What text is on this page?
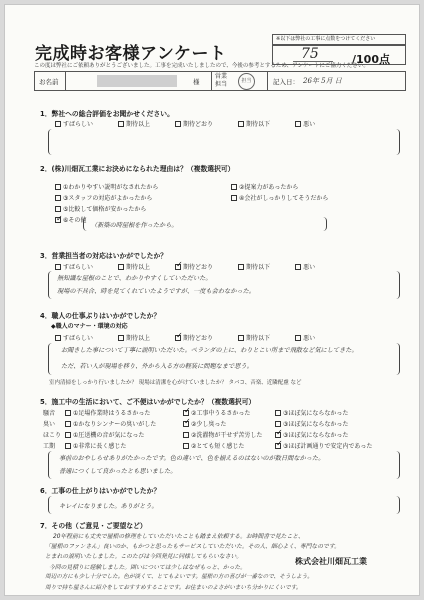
完成時お客様アンケート
この度は弊社にご依頼ありがとうございました。工事を完成いたしましたので、今後の参考とするため、アンケートにご協力ください。
※以下は弊社の工事に点数をつけてください
75	/100点
お名前	様
営業担当	担当	記入日： 26年 5月 日
1．弊社への総合評価をお聞かせください。
すばらしい	期待以上	期待どおり	期待以下	悪い
2．(株)川畑瓦工業にお決めになられた理由は？（複数選択可）
①わかりやすい説明がなされたから	②提案力があったから
③スタッフの対応がよかったから	④会社がしっかりしてそうだから
⑤比較して価格が安かったから
✓⑥その他
（新築の時屋根を作ったから。
3．営業担当者の対応はいかがでしたか？
すばらしい	期待以上 ✓	期待どおり	期待以下	悪い
無知識な屋根のことで、わかりやすくしていただいた。
現場の不具合、時を見てくれていたようですが、一度も会わなかった。
4．職人の仕事ぶりはいかがでしたか？
◆職人のマナー・環境の対応
すばらしい	期待以上 ✓	期待どおり	期待以下	悪い
お聞きした事について丁寧に説明いただいた。ペランダの上に、わりとこい所まで飛散など気にしてきた。
ただ、若い人が現場を移り、外から入る方の軽装に問題なまで思う。
室内清掃をしっかり行いましたか？ 現場は清潔を心がけていましたか？ タバコ、音楽、近隣配慮 など
5．施工中の生活において、ご不便はいかがでしたか？（複数選択可）
騒音	①足場作業時はうるさかった ✓	②工事中うるさかった	③ほぼ気にならなかった
臭い	①かなりシンナーの臭いがした ✓	②少し臭った	③ほぼ気にならなかった
ほこり ①圧送機の音が気になった	②洗濯物が干せず苦労した ✓	③ほぼ気にならなかった
工期	①非常に長く感じた	②とても短く感じた ✓	③ほぼ計画通りで安定内であった
事前のおやしらせありがたかったです。色の違いで、色を揃えるのはないのが数日間なかった。
普通につくして良かったとも思いました。
6．工事の仕上がりはいかがでしたか？
キレイになりました。ありがとう。
7．その他（ご意見・ご要望など）
20年程前にも丈夫で屋根の修理をしていただいたことも踏まえ依頼する。お時間書で見たこと、
「屋根のファンさん」良いのか、もかつと思ったもサービスしていただいた。その人、細心よく、専門なのです。
とまれの説明いたしました。このたびは今回発見に同様してもらいなさい。
今回の見積りに経験しました。囲いについては少しはなぜもっと、かった。
周辺の方にも少し十分でした。色が淡くて、とてもよいです。屋根の方の喜びが一番なので、そうしよう。
周りで持ち屋さんに紹介をしておすすめすることです。お住まいのよさがいまいち分かりにくいです。
株式会社川畑瓦工業
